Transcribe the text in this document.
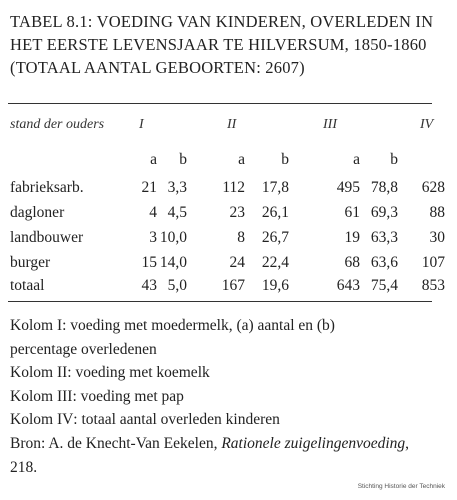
TABEL 8.1: VOEDING VAN KINDEREN, OVERLEDEN IN HET EERSTE LEVENSJAAR TE HILVERSUM, 1850-1860 (TOTAAL AANTAL GEBOORTEN: 2607)
stand der ouders I	II	III	IV
a b	a b	a b
fabrieksarb.	21 3,3 112 17,8	495 78,8 628
dagloner	4 4,5	23 26,1	61 69,3 88
landbouwer	3 10,0	8 26,7	19 63,3 30
burger	15 14,0	24 22,4	68 63,6 107
totaal	43 5,0 167 19,6	643 75,4 853

Kolom I: voeding met moedermelk, (a) aantal en (b)

percentage overledenen

Kolom II: voeding met koemelk

Kolom III: voeding met pap

Kolom IV: totaal aantal overleden kinderen

Bron: A. de Knecht-Van Eekelen, Rationele zuigelingenvoeding,

218.

Stichting Historie der Techniek
